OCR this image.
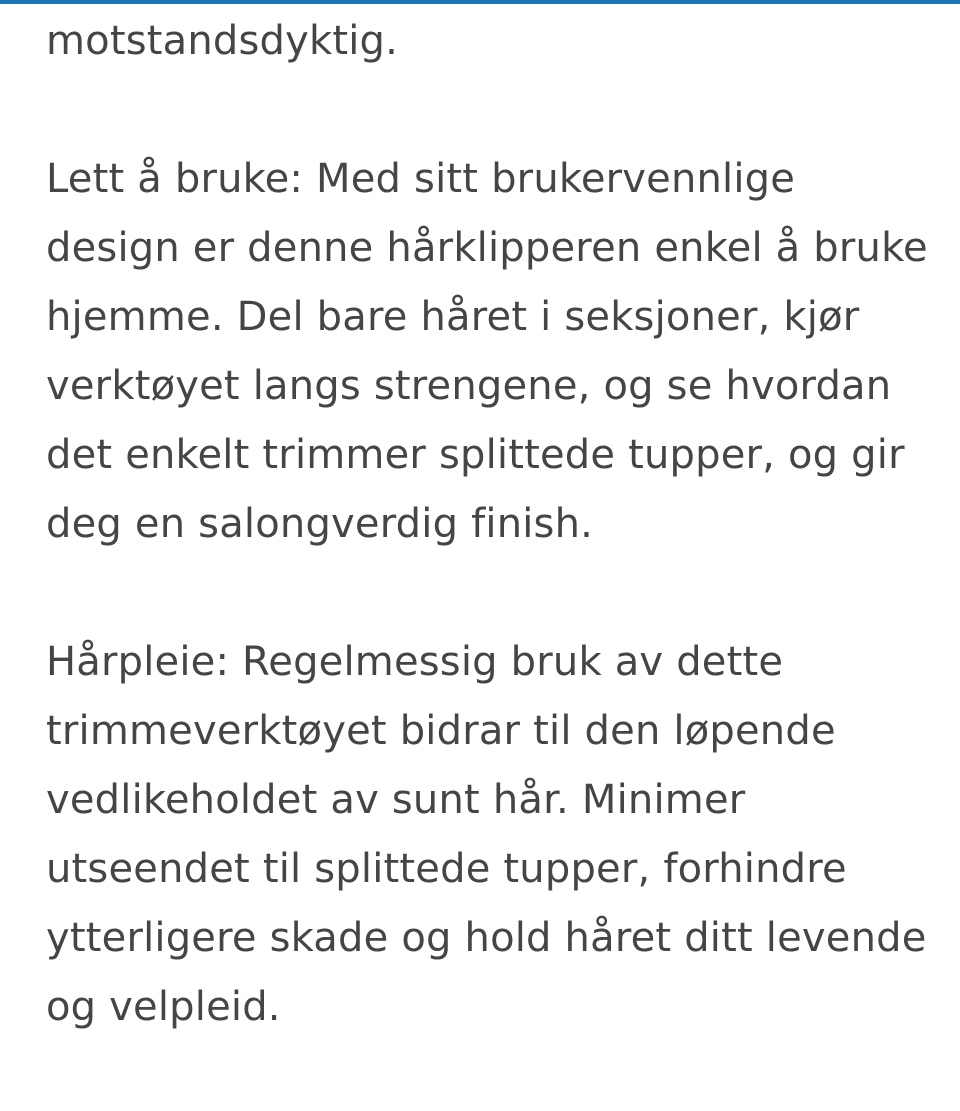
motstandsdyktig.
Lett å bruke: Med sitt brukervennlige
design er denne hårklipperen enkel å bruke
hjemme. Del bare håret i seksjoner, kjør
verktøyet langs strengene, og se hvordan
det enkelt trimmer splittede tupper, og gir
deg en salongverdig finish.
Hårpleie: Regelmessig bruk av dette
trimmeverktøyet bidrar til den løpende
vedlikeholdet av sunt hår. Minimer
utseendet til splittede tupper, forhindre
ytterligere skade og hold håret ditt levende
og velpleid.
